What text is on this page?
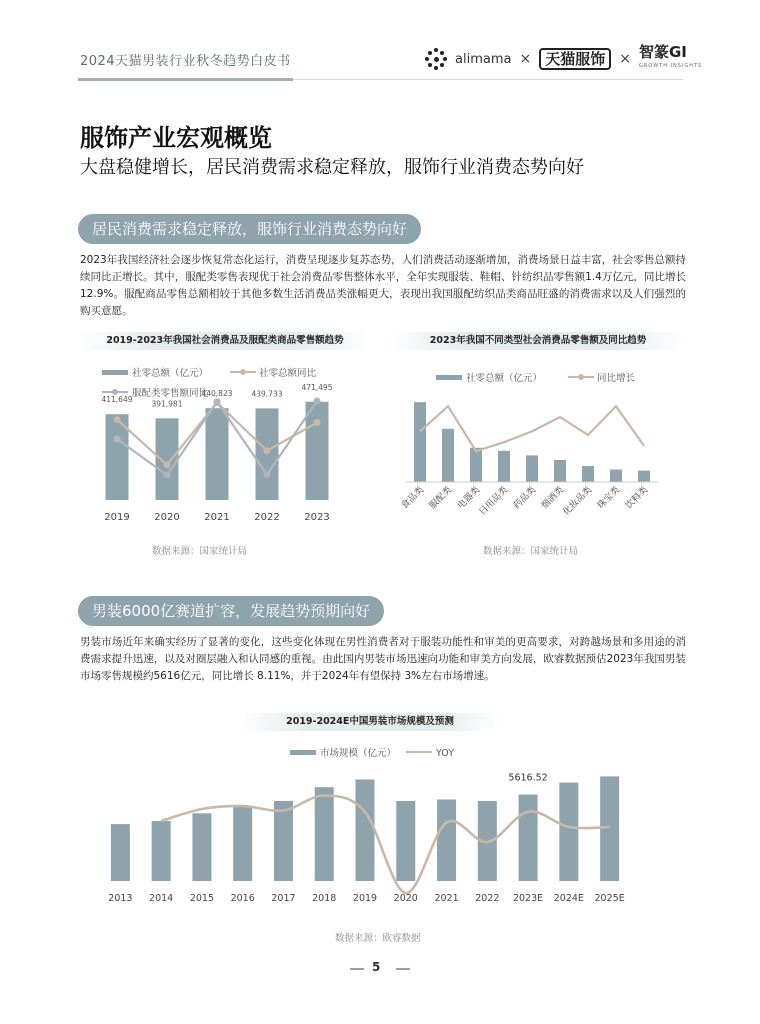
2024天猫男装行业秋冬趋势白皮书	alimama × 天猫服饰	× 智篆GI
GROWTH INSIGHTS
服饰产业宏观概览
大盘稳健增长，居民消费需求稳定释放，服饰行业消费态势向好
居民消费需求稳定释放，服饰行业消费态势向好
2023年我国经济社会逐步恢复常态化运行，消费呈现逐步复苏态势，人们消费活动逐渐增加，消费场景日益丰富，社会零售总额持续同比正增长。其中，服配类零售表现优于社会消费品零售整体水平，全年实现服装、鞋帽、针纺织品零售额1.4万亿元，同比增长12.9%。服配商品零售总额相较于其他多数生活消费品类涨幅更大，表现出我国服配纺织品类商品旺盛的消费需求以及人们强烈的购买意愿。
2019-2023年我国社会消费品及服配类商品零售额趋势
社零总额（亿元）	社零总额同比
服配类零售额同比
411,649
2019
391,981
2020
440,823
2021
439,733
2022
471,495
2023
数据来源：国家统计局
2023年我国不同类型社会消费品零售额及同比趋势
社零总额（亿元）	同比增长
食品类 服配类 电器类
日用品类 药品类 烟酒类
化妆品类 珠宝类 饮料类
数据来源：国家统计局
男装6000亿赛道扩容，发展趋势预期向好
男装市场近年来确实经历了显著的变化，这些变化体现在男性消费者对于服装功能性和审美的更高要求，对跨越场景和多用途的消费需求提升迅速，以及对圈层融入和认同感的重视。由此国内男装市场迅速向功能和审美方向发展，欧睿数据预估2023年我国男装市场零售规模约5616亿元，同比增长 8.11%，并于2024年有望保持 3%左右市场增速。
2019-2024E中国男装市场规模及预测
市场规模（亿元）	YOY
2013 2014 2015 2016 2017 2018 2019 2020 2021 2022 2023E
5616.52
2024E 2025E
数据来源：欧睿数据
5
